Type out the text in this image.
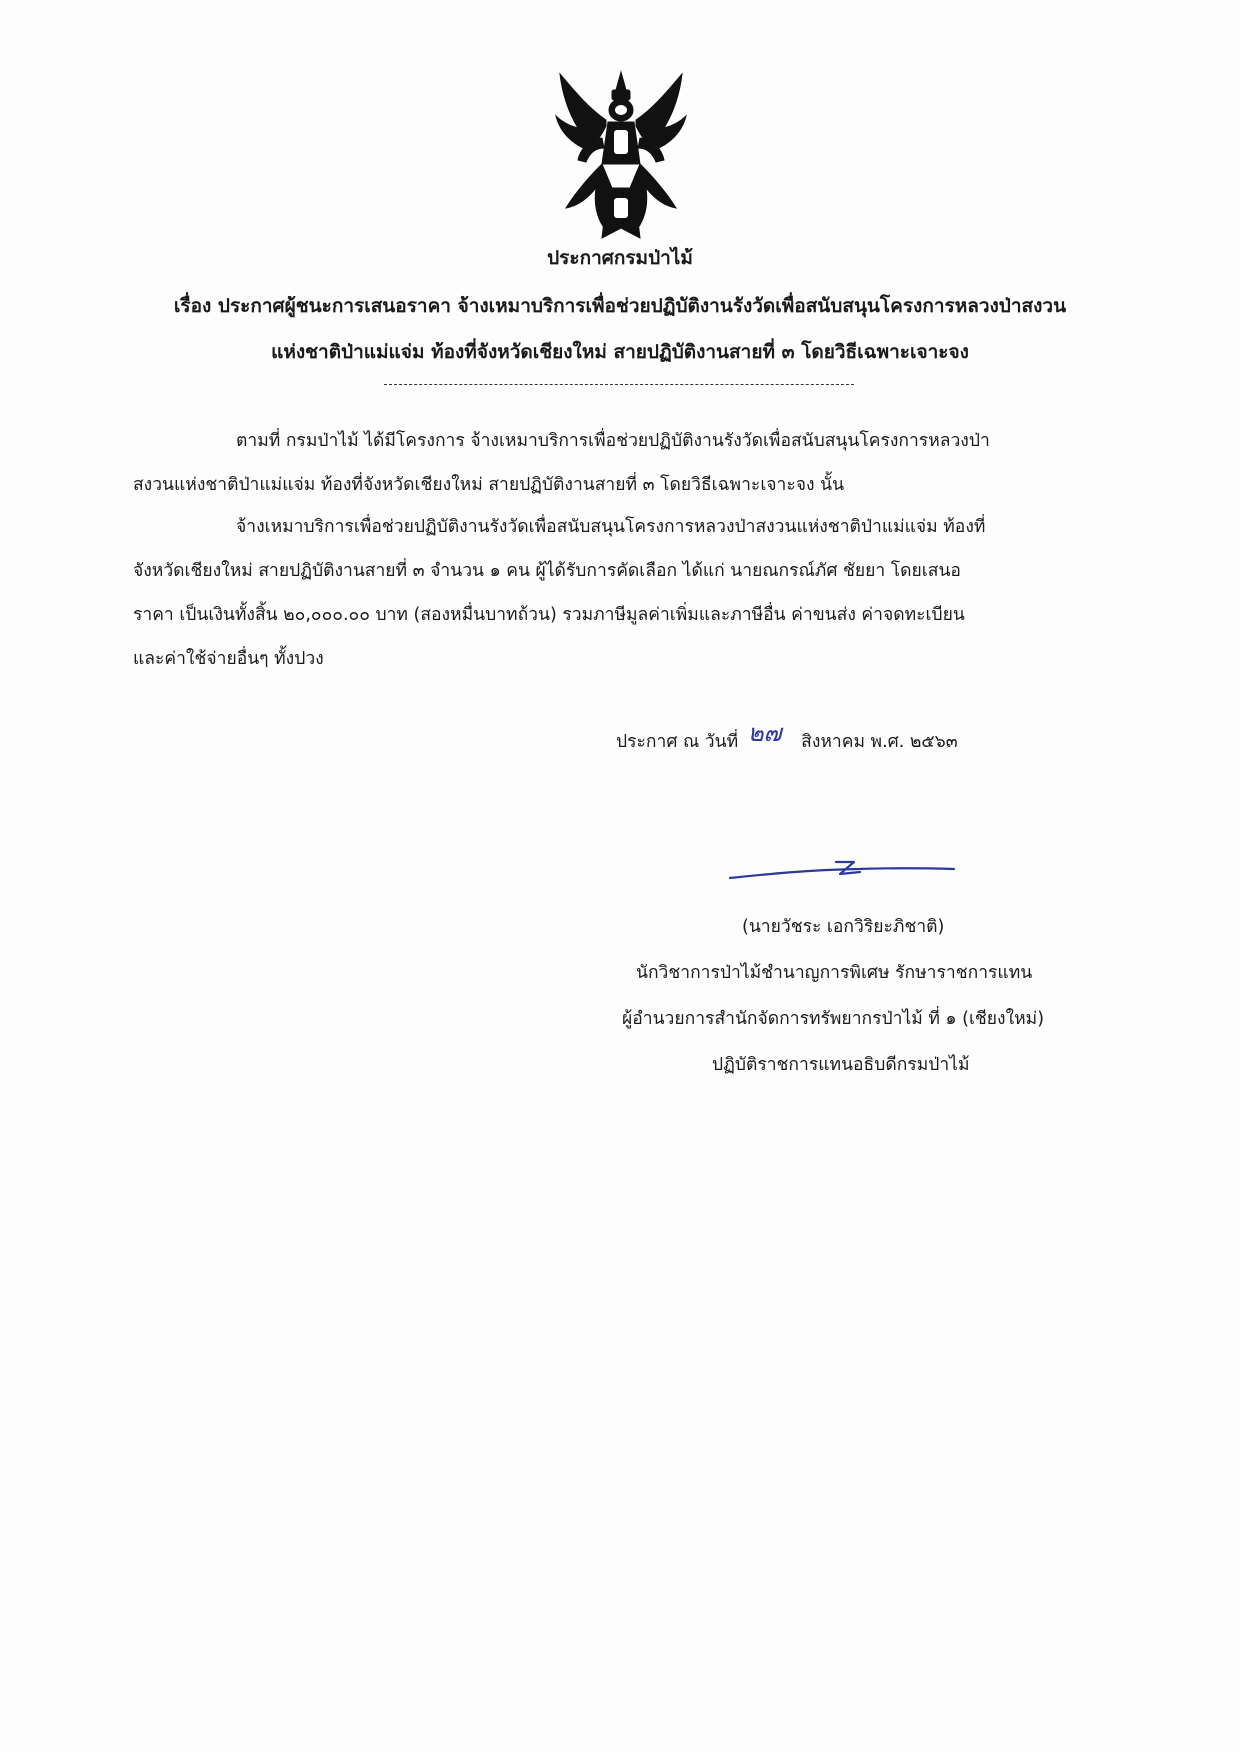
ประกาศกรมป่าไม้
เรื่อง ประกาศผู้ชนะการเสนอราคา จ้างเหมาบริการเพื่อช่วยปฏิบัติงานรังวัดเพื่อสนับสนุนโครงการหลวงป่าสงวน
แห่งชาติป่าแม่แจ่ม ท้องที่จังหวัดเชียงใหม่ สายปฏิบัติงานสายที่ ๓ โดยวิธีเฉพาะเจาะจง
ตามที่ กรมป่าไม้ ได้มีโครงการ จ้างเหมาบริการเพื่อช่วยปฏิบัติงานรังวัดเพื่อสนับสนุนโครงการหลวงป่า
สงวนแห่งชาติป่าแม่แจ่ม ท้องที่จังหวัดเชียงใหม่ สายปฏิบัติงานสายที่ ๓ โดยวิธีเฉพาะเจาะจง นั้น
จ้างเหมาบริการเพื่อช่วยปฏิบัติงานรังวัดเพื่อสนับสนุนโครงการหลวงป่าสงวนแห่งชาติป่าแม่แจ่ม ท้องที่
จังหวัดเชียงใหม่ สายปฏิบัติงานสายที่ ๓ จำนวน ๑ คน ผู้ได้รับการคัดเลือก ได้แก่ นายณกรณ์ภัศ ชัยยา โดยเสนอ
ราคา เป็นเงินทั้งสิ้น ๒๐,๐๐๐.๐๐ บาท (สองหมื่นบาทถ้วน) รวมภาษีมูลค่าเพิ่มและภาษีอื่น ค่าขนส่ง ค่าจดทะเบียน
และค่าใช้จ่ายอื่นๆ ทั้งปวง
ประกาศ ณ วันที่ ๒๗ สิงหาคม พ.ศ. ๒๕๖๓
(นายวัชระ เอกวิริยะภิชาติ)
นักวิชาการป่าไม้ชำนาญการพิเศษ รักษาราชการแทน
ผู้อำนวยการสำนักจัดการทรัพยากรป่าไม้ ที่ ๑ (เชียงใหม่)
ปฏิบัติราชการแทนอธิบดีกรมป่าไม้
